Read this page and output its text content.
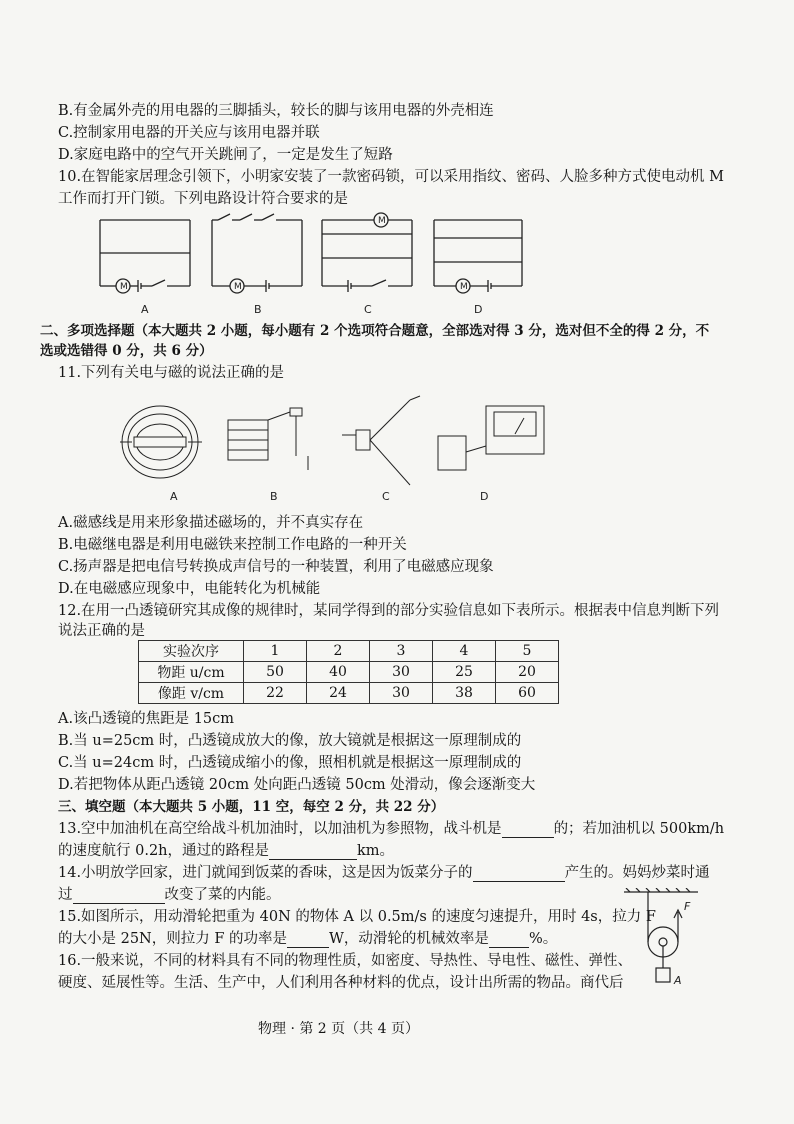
B.有金属外壳的用电器的三脚插头，较长的脚与该用电器的外壳相连
C.控制家用电器的开关应与该用电器并联
D.家庭电路中的空气开关跳闸了，一定是发生了短路
10.在智能家居理念引领下，小明家安装了一款密码锁，可以采用指纹、密码、人脸多种方式使电动机 M
工作而打开门锁。下列电路设计符合要求的是
M	M
M
M
A	B	C	D
二、多项选择题（本大题共 2 小题，每小题有 2 个选项符合题意，全部选对得 3 分，选对但不全的得 2 分，不
选或选错得 0 分，共 6 分）
11.下列有关电与磁的说法正确的是
A	B	C	D
A.磁感线是用来形象描述磁场的，并不真实存在
B.电磁继电器是利用电磁铁来控制工作电路的一种开关
C.扬声器是把电信号转换成声信号的一种装置，利用了电磁感应现象
D.在电磁感应现象中，电能转化为机械能
12.在用一凸透镜研究其成像的规律时，某同学得到的部分实验信息如下表所示。根据表中信息判断下列
说法正确的是
实验次序	1	2	3	4	5
物距 u/cm	50	40	30	25	20
像距 v/cm	22	24	30	38	60
A.该凸透镜的焦距是 15cm
B.当 u=25cm 时，凸透镜成放大的像，放大镜就是根据这一原理制成的
C.当 u=24cm 时，凸透镜成缩小的像，照相机就是根据这一原理制成的
D.若把物体从距凸透镜 20cm 处向距凸透镜 50cm 处滑动，像会逐渐变大
三、填空题（本大题共 5 小题，11 空，每空 2 分，共 22 分）
13.空中加油机在高空给战斗机加油时，以加油机为参照物，战斗机是	的；若加油机以 500km/h
的速度航行 0.2h，通过的路程是	km。
14.小明放学回家，进门就闻到饭菜的香味，这是因为饭菜分子的	产生的。妈妈炒菜时通
过	改变了菜的内能。
15.如图所示，用动滑轮把重为 40N 的物体 A 以 0.5m/s 的速度匀速提升，用时 4s，拉力 F
的大小是 25N，则拉力 F 的功率是	W，动滑轮的机械效率是	%。
F
A
16.一般来说，不同的材料具有不同的物理性质，如密度、导热性、导电性、磁性、弹性、
硬度、延展性等。生活、生产中，人们利用各种材料的优点，设计出所需的物品。商代后
物理 · 第 2 页（共 4 页）
